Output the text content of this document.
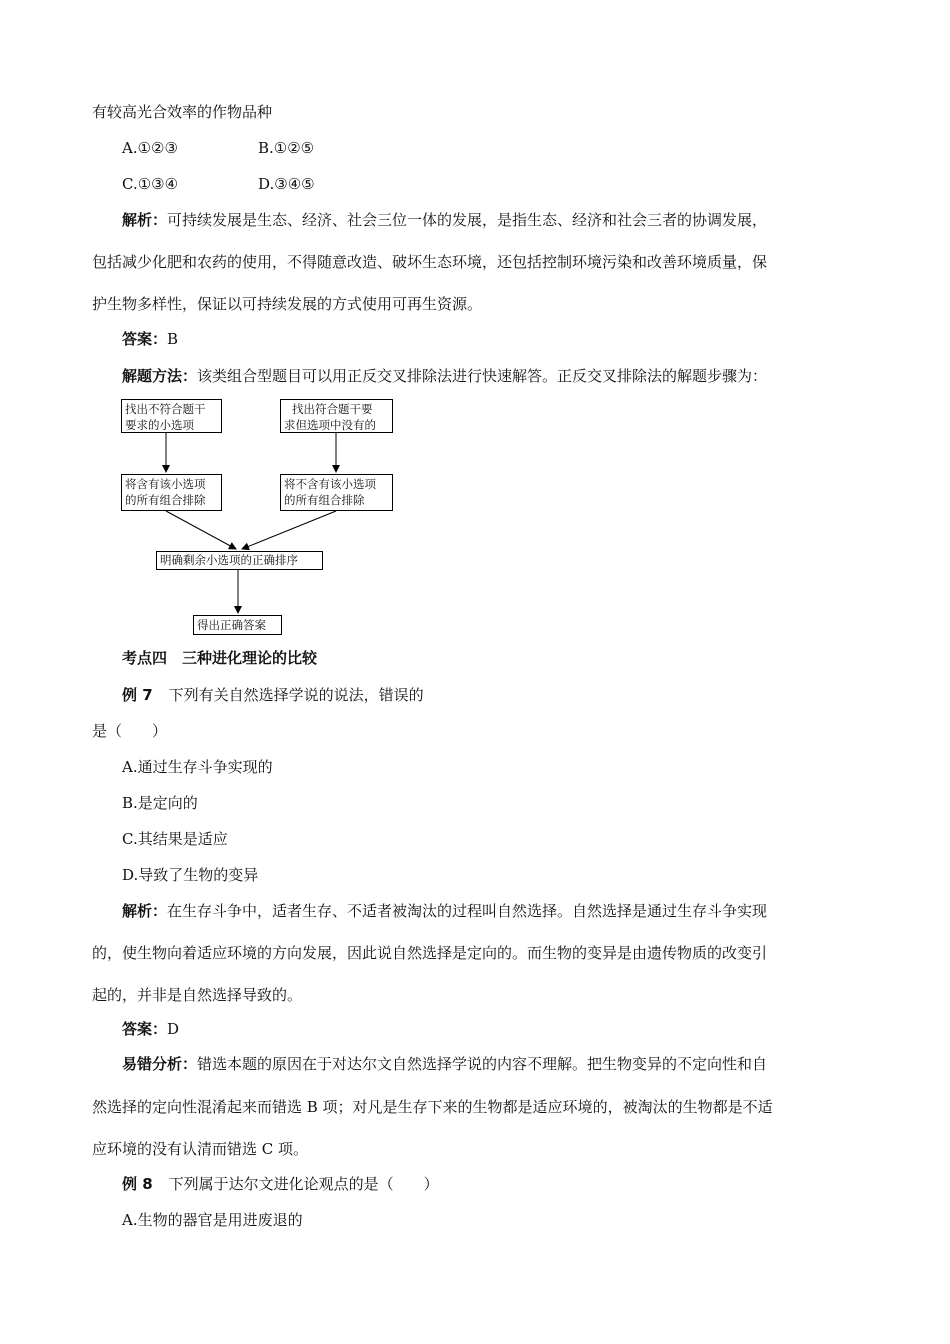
有较高光合效率的作物品种
A.①②③	B.①②⑤
C.①③④	D.③④⑤
解析：可持续发展是生态、经济、社会三位一体的发展，是指生态、经济和社会三者的协调发展，
包括减少化肥和农药的使用，不得随意改造、破坏生态环境，还包括控制环境污染和改善环境质量，保
护生物多样性，保证以可持续发展的方式使用可再生资源。
答案：B
解题方法：该类组合型题目可以用正反交叉排除法进行快速解答。正反交叉排除法的解题步骤为：
找出不符合题干
要求的小选项
找出符合题干要
求但选项中没有的
将含有该小选项
的所有组合排除
将不含有该小选项
的所有组合排除
明确剩余小选项的正确排序
得出正确答案
考点四　三种进化理论的比较
例 7 下列有关自然选择学说的说法，错误的
是（　　）
A.通过生存斗争实现的
B.是定向的
C.其结果是适应
D.导致了生物的变异
解析：在生存斗争中，适者生存、不适者被淘汰的过程叫自然选择。自然选择是通过生存斗争实现
的，使生物向着适应环境的方向发展，因此说自然选择是定向的。而生物的变异是由遗传物质的改变引
起的，并非是自然选择导致的。
答案：D
易错分析：错选本题的原因在于对达尔文自然选择学说的内容不理解。把生物变异的不定向性和自
然选择的定向性混淆起来而错选 B 项；对凡是生存下来的生物都是适应环境的，被淘汰的生物都是不适
应环境的没有认清而错选 C 项。
例 8 下列属于达尔文进化论观点的是（　　）
A.生物的器官是用进废退的
